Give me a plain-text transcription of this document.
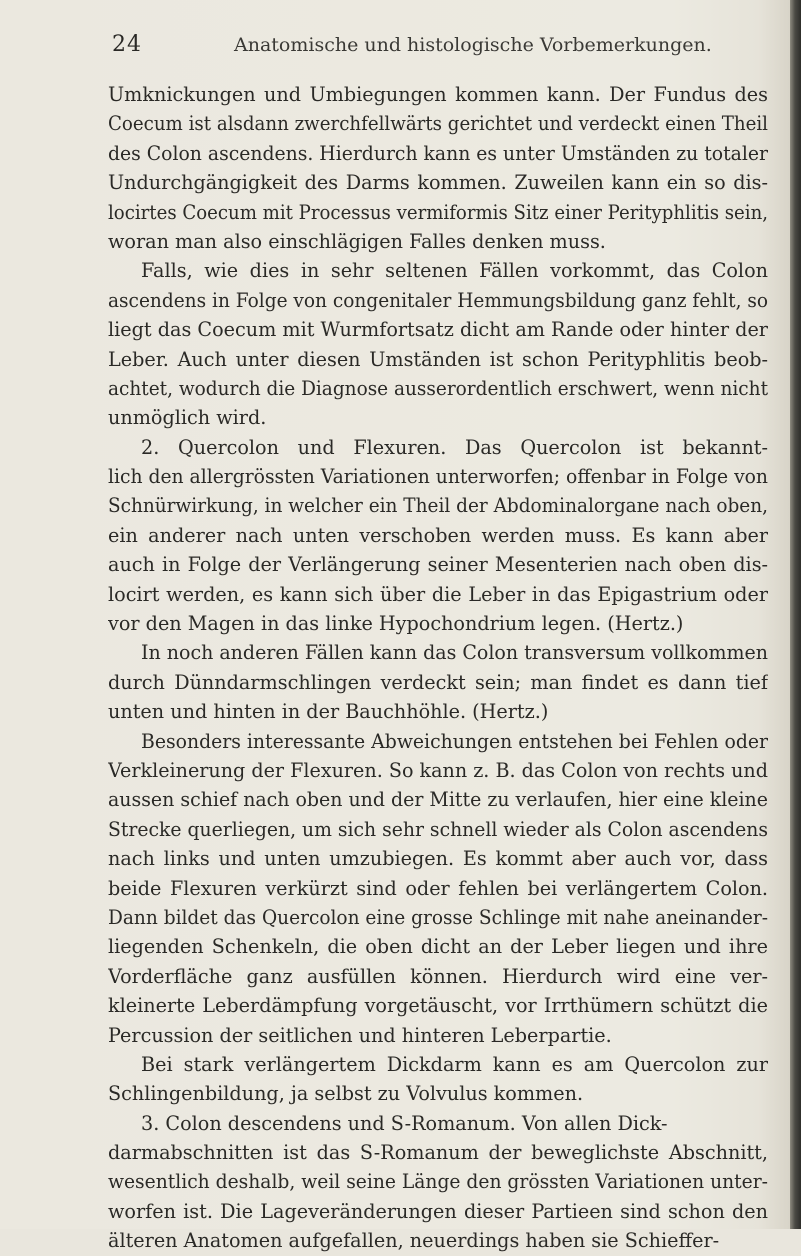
24	Anatomische und histologische Vorbemerkungen.
Umknickungen und Umbiegungen kommen kann. Der Fundus des
Coecum ist alsdann zwerchfellwärts gerichtet und verdeckt einen Theil
des Colon ascendens. Hierdurch kann es unter Umständen zu totaler
Undurchgängigkeit des Darms kommen. Zuweilen kann ein so dis-
locirtes Coecum mit Processus vermiformis Sitz einer Perityphlitis sein,
woran man also einschlägigen Falles denken muss.
Falls, wie dies in sehr seltenen Fällen vorkommt, das Colon
ascendens in Folge von congenitaler Hemmungsbildung ganz fehlt, so
liegt das Coecum mit Wurmfortsatz dicht am Rande oder hinter der
Leber. Auch unter diesen Umständen ist schon Perityphlitis beob-
achtet, wodurch die Diagnose ausserordentlich erschwert, wenn nicht
unmöglich wird.
2. Quercolon und Flexuren. Das Quercolon ist bekannt-
lich den allergrössten Variationen unterworfen; offenbar in Folge von
Schnürwirkung, in welcher ein Theil der Abdominalorgane nach oben,
ein anderer nach unten verschoben werden muss. Es kann aber
auch in Folge der Verlängerung seiner Mesenterien nach oben dis-
locirt werden, es kann sich über die Leber in das Epigastrium oder
vor den Magen in das linke Hypochondrium legen. (Hertz.)
In noch anderen Fällen kann das Colon transversum vollkommen
durch Dünndarmschlingen verdeckt sein; man findet es dann tief
unten und hinten in der Bauchhöhle. (Hertz.)
Besonders interessante Abweichungen entstehen bei Fehlen oder
Verkleinerung der Flexuren. So kann z. B. das Colon von rechts und
aussen schief nach oben und der Mitte zu verlaufen, hier eine kleine
Strecke querliegen, um sich sehr schnell wieder als Colon ascendens
nach links und unten umzubiegen. Es kommt aber auch vor, dass
beide Flexuren verkürzt sind oder fehlen bei verlängertem Colon.
Dann bildet das Quercolon eine grosse Schlinge mit nahe aneinander-
liegenden Schenkeln, die oben dicht an der Leber liegen und ihre
Vorderfläche ganz ausfüllen können. Hierdurch wird eine ver-
kleinerte Leberdämpfung vorgetäuscht, vor Irrthümern schützt die
Percussion der seitlichen und hinteren Leberpartie.
Bei stark verlängertem Dickdarm kann es am Quercolon zur
Schlingenbildung, ja selbst zu Volvulus kommen.
3. Colon descendens und S-Romanum. Von allen Dick-
darmabschnitten ist das S-Romanum der beweglichste Abschnitt,
wesentlich deshalb, weil seine Länge den grössten Variationen unter-
worfen ist. Die Lageveränderungen dieser Partieen sind schon den
älteren Anatomen aufgefallen, neuerdings haben sie Schieffer-
